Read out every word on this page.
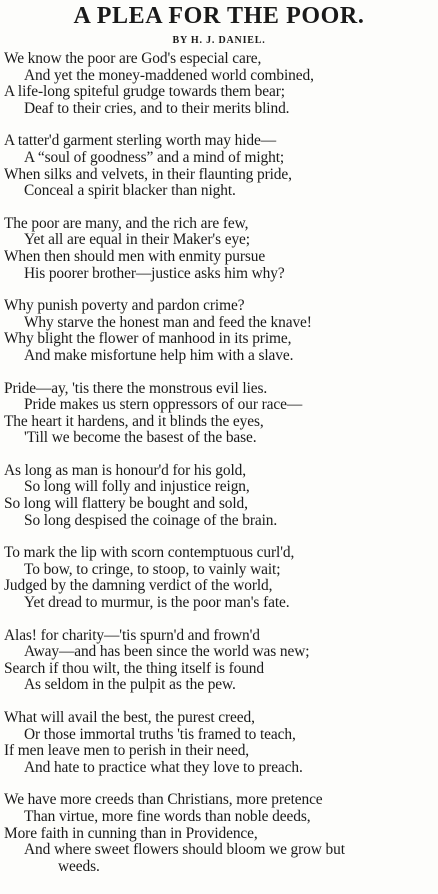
A PLEA FOR THE POOR.
BY H. J. DANIEL.
We know the poor are God's especial care,
And yet the money-maddened world combined,
A life-long spiteful grudge towards them bear;
Deaf to their cries, and to their merits blind.
A tatter'd garment sterling worth may hide—
A “soul of goodness” and a mind of might;
When silks and velvets, in their flaunting pride,
Conceal a spirit blacker than night.
The poor are many, and the rich are few,
Yet all are equal in their Maker's eye;
When then should men with enmity pursue
His poorer brother—justice asks him why?
Why punish poverty and pardon crime?
Why starve the honest man and feed the knave!
Why blight the flower of manhood in its prime,
And make misfortune help him with a slave.
Pride—ay, 'tis there the monstrous evil lies.
Pride makes us stern oppressors of our race—
The heart it hardens, and it blinds the eyes,
'Till we become the basest of the base.
As long as man is honour'd for his gold,
So long will folly and injustice reign,
So long will flattery be bought and sold,
So long despised the coinage of the brain.
To mark the lip with scorn contemptuous curl'd,
To bow, to cringe, to stoop, to vainly wait;
Judged by the damning verdict of the world,
Yet dread to murmur, is the poor man's fate.
Alas! for charity—'tis spurn'd and frown'd
Away—and has been since the world was new;
Search if thou wilt, the thing itself is found
As seldom in the pulpit as the pew.
What will avail the best, the purest creed,
Or those immortal truths 'tis framed to teach,
If men leave men to perish in their need,
And hate to practice what they love to preach.
We have more creeds than Christians, more pretence
Than virtue, more fine words than noble deeds,
More faith in cunning than in Providence,
And where sweet flowers should bloom we grow but
weeds.
